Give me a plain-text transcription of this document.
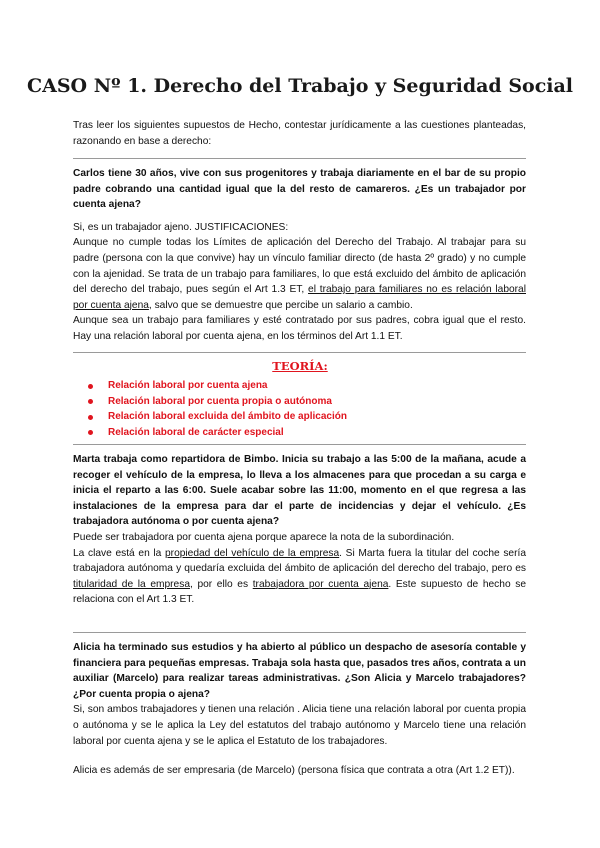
CASO Nº 1. Derecho del Trabajo y Seguridad Social
Tras leer los siguientes supuestos de Hecho, contestar jurídicamente a las cuestiones planteadas, razonando en base a derecho:

Carlos tiene 30 años, vive con sus progenitores y trabaja diariamente en el bar de su propio padre cobrando una cantidad igual que la del resto de camareros. ¿Es un trabajador por cuenta ajena?

Si, es un trabajador ajeno. JUSTIFICACIONES:

Aunque no cumple todas los Límites de aplicación del Derecho del Trabajo. Al trabajar para su padre (persona con la que convive) hay un vínculo familiar directo (de hasta 2º grado) y no cumple con la ajenidad. Se trata de un trabajo para familiares, lo que está excluido del ámbito de aplicación del derecho del trabajo, pues según el Art 1.3 ET, el trabajo para familiares no es relación laboral por cuenta ajena, salvo que se demuestre que percibe un salario a cambio.

Aunque sea un trabajo para familiares y esté contratado por sus padres, cobra igual que el resto. Hay una relación laboral por cuenta ajena, en los términos del Art 1.1 ET.

TEORÍA:
Relación laboral por cuenta ajena
Relación laboral por cuenta propia o autónoma
Relación laboral excluida del ámbito de aplicación
Relación laboral de carácter especial

Marta trabaja como repartidora de Bimbo. Inicia su trabajo a las 5:00 de la mañana, acude a recoger el vehículo de la empresa, lo lleva a los almacenes para que procedan a su carga e inicia el reparto a las 6:00. Suele acabar sobre las 11:00, momento en el que regresa a las instalaciones de la empresa para dar el parte de incidencias y dejar el vehículo. ¿Es trabajadora autónoma o por cuenta ajena?

Puede ser trabajadora por cuenta ajena porque aparece la nota de la subordinación.

La clave está en la propiedad del vehículo de la empresa. Si Marta fuera la titular del coche sería trabajadora autónoma y quedaría excluida del ámbito de aplicación del derecho del trabajo, pero es titularidad de la empresa, por ello es trabajadora por cuenta ajena. Este supuesto de hecho se relaciona con el Art 1.3 ET.

Alicia ha terminado sus estudios y ha abierto al público un despacho de asesoría contable y financiera para pequeñas empresas. Trabaja sola hasta que, pasados tres años, contrata a un auxiliar (Marcelo) para realizar tareas administrativas. ¿Son Alicia y Marcelo trabajadores? ¿Por cuenta propia o ajena?

Si, son ambos trabajadores y tienen una relación . Alicia tiene una relación laboral por cuenta propia o autónoma y se le aplica la Ley del estatutos del trabajo autónomo y Marcelo tiene una relación laboral por cuenta ajena y se le aplica el Estatuto de los trabajadores.

Alicia es además de ser empresaria (de Marcelo) (persona física que contrata a otra (Art 1.2 ET)).
